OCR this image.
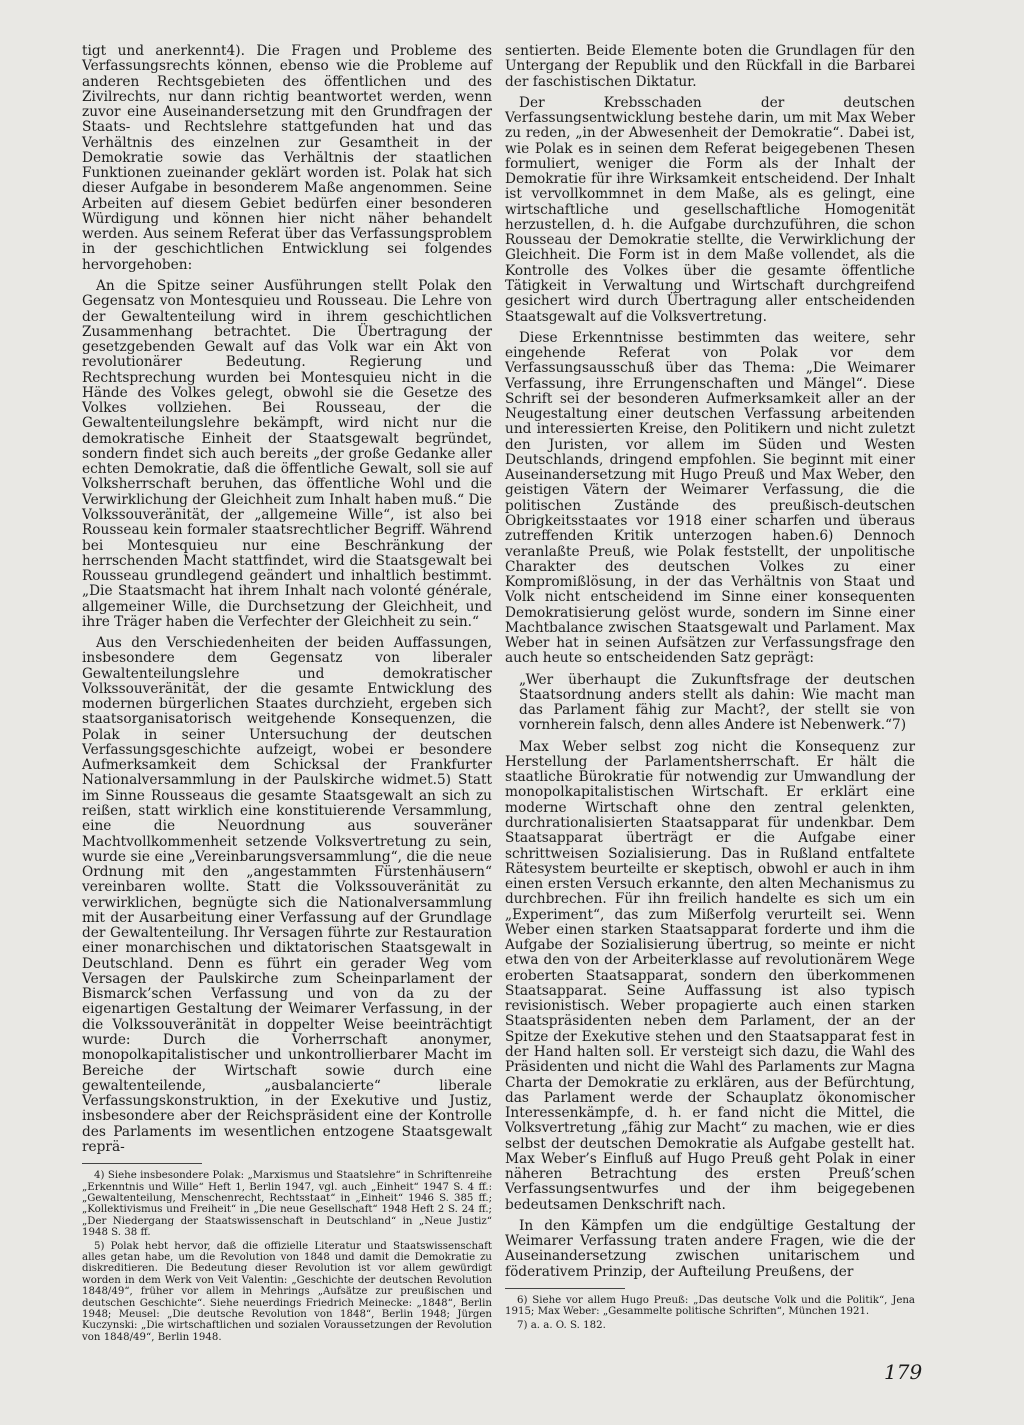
tigt und anerkennt4). Die Fragen und Probleme des Verfassungsrechts können, ebenso wie die Probleme auf anderen Rechtsgebieten des öffentlichen und des Zivilrechts, nur dann richtig beantwortet werden, wenn zuvor eine Auseinandersetzung mit den Grundfragen der Staats- und Rechtslehre stattgefunden hat und das Verhältnis des einzelnen zur Gesamtheit in der Demokratie sowie das Verhältnis der staatlichen Funktionen zueinander geklärt worden ist. Polak hat sich dieser Aufgabe in besonderem Maße angenommen. Seine Arbeiten auf diesem Gebiet bedürfen einer besonderen Würdigung und können hier nicht näher behandelt werden. Aus seinem Referat über das Verfassungsproblem in der geschichtlichen Entwicklung sei folgendes hervorgehoben:

An die Spitze seiner Ausführungen stellt Polak den Gegensatz von Montesquieu und Rousseau. Die Lehre von der Gewaltenteilung wird in ihrem geschichtlichen Zusammenhang betrachtet. Die Übertragung der gesetzgebenden Gewalt auf das Volk war ein Akt von revolutionärer Bedeutung. Regierung und Rechtsprechung wurden bei Montesquieu nicht in die Hände des Volkes gelegt, obwohl sie die Gesetze des Volkes vollziehen. Bei Rousseau, der die Gewaltenteilungslehre bekämpft, wird nicht nur die demokratische Einheit der Staatsgewalt begründet, sondern findet sich auch bereits „der große Gedanke aller echten Demokratie, daß die öffentliche Gewalt, soll sie auf Volksherrschaft beruhen, das öffentliche Wohl und die Verwirklichung der Gleichheit zum Inhalt haben muß.“ Die Volkssouveränität, der „allgemeine Wille“, ist also bei Rousseau kein formaler staatsrechtlicher Begriff. Während bei Montesquieu nur eine Beschränkung der herrschenden Macht stattfindet, wird die Staatsgewalt bei Rousseau grundlegend geändert und inhaltlich bestimmt. „Die Staatsmacht hat ihrem Inhalt nach volonté générale, allgemeiner Wille, die Durchsetzung der Gleichheit, und ihre Träger haben die Verfechter der Gleichheit zu sein.“

Aus den Verschiedenheiten der beiden Auffassungen, insbesondere dem Gegensatz von liberaler Gewaltenteilungslehre und demokratischer Volkssouveränität, der die gesamte Entwicklung des modernen bürgerlichen Staates durchzieht, ergeben sich staatsorganisatorisch weitgehende Konsequenzen, die Polak in seiner Untersuchung der deutschen Verfassungsgeschichte aufzeigt, wobei er besondere Aufmerksamkeit dem Schicksal der Frankfurter Nationalversammlung in der Paulskirche widmet.5) Statt im Sinne Rousseaus die gesamte Staatsgewalt an sich zu reißen, statt wirklich eine konstituierende Versammlung, eine die Neuordnung aus souveräner Machtvollkommenheit setzende Volksvertretung zu sein, wurde sie eine „Vereinbarungsversammlung“, die die neue Ordnung mit den „angestammten Fürstenhäusern“ vereinbaren wollte. Statt die Volkssouveränität zu verwirklichen, begnügte sich die Nationalversammlung mit der Ausarbeitung einer Verfassung auf der Grundlage der Gewaltenteilung. Ihr Versagen führte zur Restauration einer monarchischen und diktatorischen Staatsgewalt in Deutschland. Denn es führt ein gerader Weg vom Versagen der Paulskirche zum Scheinparlament der Bismarck’schen Verfassung und von da zu der eigenartigen Gestaltung der Weimarer Verfassung, in der die Volkssouveränität in doppelter Weise beeinträchtigt wurde: Durch die Vorherrschaft anonymer, monopolkapitalistischer und unkontrollierbarer Macht im Bereiche der Wirtschaft sowie durch eine gewaltenteilende, „ausbalancierte“ liberale Verfassungskonstruktion, in der Exekutive und Justiz, insbesondere aber der Reichspräsident eine der Kontrolle des Parlaments im wesentlichen entzogene Staatsgewalt reprä-

4) Siehe insbesondere Polak: „Marxismus und Staatslehre“ in Schriftenreihe „Erkenntnis und Wille“ Heft 1, Berlin 1947, vgl. auch „Einheit“ 1947 S. 4 ff.: „Gewaltenteilung, Menschenrecht, Rechtsstaat“ in „Einheit“ 1946 S. 385 ff.; „Kollektivismus und Freiheit“ in „Die neue Gesellschaft“ 1948 Heft 2 S. 24 ff.; „Der Niedergang der Staatswissenschaft in Deutschland“ in „Neue Justiz“ 1948 S. 38 ff.

5) Polak hebt hervor, daß die offizielle Literatur und Staatswissenschaft alles getan habe, um die Revolution von 1848 und damit die Demokratie zu diskreditieren. Die Bedeutung dieser Revolution ist vor allem gewürdigt worden in dem Werk von Veit Valentin: „Geschichte der deutschen Revolution 1848/49“, früher vor allem in Mehrings „Aufsätze zur preußischen und deutschen Geschichte“. Siehe neuerdings Friedrich Meinecke: „1848“, Berlin 1948; Meusel: „Die deutsche Revolution von 1848“, Berlin 1948; Jürgen Kuczynski: „Die wirtschaftlichen und sozialen Voraussetzungen der Revolution von 1848/49“, Berlin 1948.

sentierten. Beide Elemente boten die Grundlagen für den Untergang der Republik und den Rückfall in die Barbarei der faschistischen Diktatur.

Der Krebsschaden der deutschen Verfassungsentwicklung bestehe darin, um mit Max Weber zu reden, „in der Abwesenheit der Demokratie“. Dabei ist, wie Polak es in seinen dem Referat beigegebenen Thesen formuliert, weniger die Form als der Inhalt der Demokratie für ihre Wirksamkeit entscheidend. Der Inhalt ist vervollkommnet in dem Maße, als es gelingt, eine wirtschaftliche und gesellschaftliche Homogenität herzustellen, d. h. die Aufgabe durchzuführen, die schon Rousseau der Demokratie stellte, die Verwirklichung der Gleichheit. Die Form ist in dem Maße vollendet, als die Kontrolle des Volkes über die gesamte öffentliche Tätigkeit in Verwaltung und Wirtschaft durchgreifend gesichert wird durch Übertragung aller entscheidenden Staatsgewalt auf die Volksvertretung.

Diese Erkenntnisse bestimmten das weitere, sehr eingehende Referat von Polak vor dem Verfassungsausschuß über das Thema: „Die Weimarer Verfassung, ihre Errungenschaften und Mängel“. Diese Schrift sei der besonderen Aufmerksamkeit aller an der Neugestaltung einer deutschen Verfassung arbeitenden und interessierten Kreise, den Politikern und nicht zuletzt den Juristen, vor allem im Süden und Westen Deutschlands, dringend empfohlen. Sie beginnt mit einer Auseinandersetzung mit Hugo Preuß und Max Weber, den geistigen Vätern der Weimarer Verfassung, die die politischen Zustände des preußisch-deutschen Obrigkeitsstaates vor 1918 einer scharfen und überaus zutreffenden Kritik unterzogen haben.6) Dennoch veranlaßte Preuß, wie Polak feststellt, der unpolitische Charakter des deutschen Volkes zu einer Kompromißlösung, in der das Verhältnis von Staat und Volk nicht entscheidend im Sinne einer konsequenten Demokratisierung gelöst wurde, sondern im Sinne einer Machtbalance zwischen Staatsgewalt und Parlament. Max Weber hat in seinen Aufsätzen zur Verfassungsfrage den auch heute so entscheidenden Satz geprägt:

„Wer überhaupt die Zukunftsfrage der deutschen Staatsordnung anders stellt als dahin: Wie macht man das Parlament fähig zur Macht?, der stellt sie von vornherein falsch, denn alles Andere ist Nebenwerk.“7)

Max Weber selbst zog nicht die Konsequenz zur Herstellung der Parlamentsherrschaft. Er hält die staatliche Bürokratie für notwendig zur Umwandlung der monopolkapitalistischen Wirtschaft. Er erklärt eine moderne Wirtschaft ohne den zentral gelenkten, durchrationalisierten Staatsapparat für undenkbar. Dem Staatsapparat überträgt er die Aufgabe einer schrittweisen Sozialisierung. Das in Rußland entfaltete Rätesystem beurteilte er skeptisch, obwohl er auch in ihm einen ersten Versuch erkannte, den alten Mechanismus zu durchbrechen. Für ihn freilich handelte es sich um ein „Experiment“, das zum Mißerfolg verurteilt sei. Wenn Weber einen starken Staatsapparat forderte und ihm die Aufgabe der Sozialisierung übertrug, so meinte er nicht etwa den von der Arbeiterklasse auf revolutionärem Wege eroberten Staatsapparat, sondern den überkommenen Staatsapparat. Seine Auffassung ist also typisch revisionistisch. Weber propagierte auch einen starken Staatspräsidenten neben dem Parlament, der an der Spitze der Exekutive stehen und den Staatsapparat fest in der Hand halten soll. Er versteigt sich dazu, die Wahl des Präsidenten und nicht die Wahl des Parlaments zur Magna Charta der Demokratie zu erklären, aus der Befürchtung, das Parlament werde der Schauplatz ökonomischer Interessenkämpfe, d. h. er fand nicht die Mittel, die Volksvertretung „fähig zur Macht“ zu machen, wie er dies selbst der deutschen Demokratie als Aufgabe gestellt hat. Max Weber’s Einfluß auf Hugo Preuß geht Polak in einer näheren Betrachtung des ersten Preuß’schen Verfassungsentwurfes und der ihm beigegebenen bedeutsamen Denkschrift nach.

In den Kämpfen um die endgültige Gestaltung der Weimarer Verfassung traten andere Fragen, wie die der Auseinandersetzung zwischen unitarischem und föderativem Prinzip, der Aufteilung Preußens, der

6) Siehe vor allem Hugo Preuß: „Das deutsche Volk und die Politik“, Jena 1915; Max Weber: „Gesammelte politische Schriften“, München 1921.

7) a. a. O. S. 182.

179
